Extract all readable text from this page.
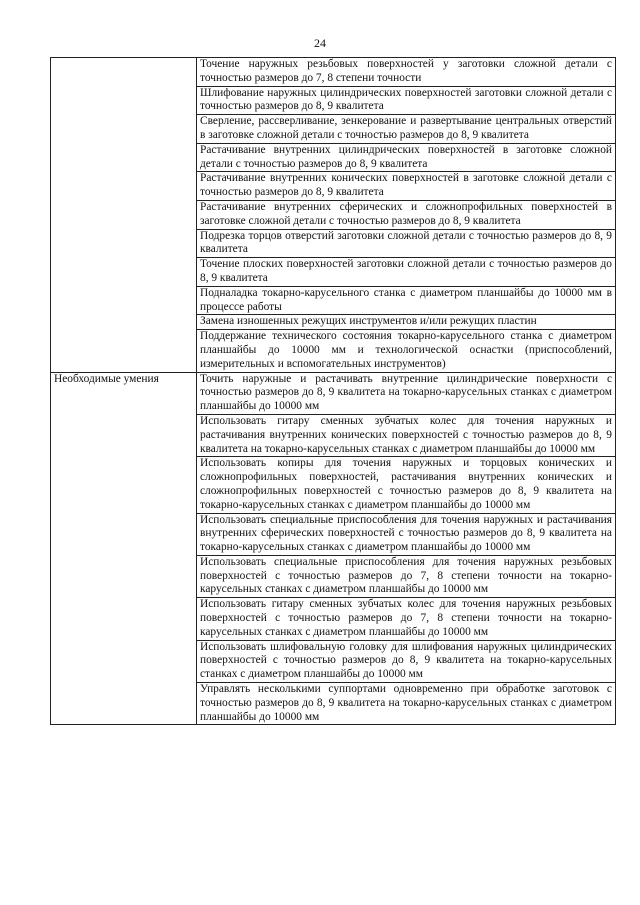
24
	Точение наружных резьбовых поверхностей у заготовки сложной детали с точностью размеров до 7, 8 степени точности
	Шлифование наружных цилиндрических поверхностей заготовки сложной детали с точностью размеров до 8, 9 квалитета
	Сверление, рассверливание, зенкерование и развертывание центральных отверстий в заготовке сложной детали с точностью размеров до 8, 9 квалитета
	Растачивание внутренних цилиндрических поверхностей в заготовке сложной детали с точностью размеров до 8, 9 квалитета
	Растачивание внутренних конических поверхностей в заготовке сложной детали с точностью размеров до 8, 9 квалитета
	Растачивание внутренних сферических и сложнопрофильных поверхностей в заготовке сложной детали с точностью размеров до 8, 9 квалитета
	Подрезка торцов отверстий заготовки сложной детали с точностью размеров до 8, 9 квалитета
	Точение плоских поверхностей заготовки сложной детали с точностью размеров до 8, 9 квалитета
	Подналадка токарно-карусельного станка с диаметром планшайбы до 10000 мм в процессе работы
	Замена изношенных режущих инструментов и/или режущих пластин
	Поддержание технического состояния токарно-карусельного станка с диаметром планшайбы до 10000 мм и технологической оснастки (приспособлений, измерительных и вспомогательных инструментов)

Необходимые умения	Точить наружные и растачивать внутренние цилиндрические поверхности с точностью размеров до 8, 9 квалитета на токарно-карусельных станках с диаметром планшайбы до 10000 мм
	Использовать гитару сменных зубчатых колес для точения наружных и растачивания внутренних конических поверхностей с точностью размеров до 8, 9 квалитета на токарно-карусельных станках с диаметром планшайбы до 10000 мм
	Использовать копиры для точения наружных и торцовых конических и сложнопрофильных поверхностей, растачивания внутренних конических и сложнопрофильных поверхностей с точностью размеров до 8, 9 квалитета на токарно-карусельных станках с диаметром планшайбы до 10000 мм
	Использовать специальные приспособления для точения наружных и растачивания внутренних сферических поверхностей с точностью размеров до 8, 9 квалитета на токарно-карусельных станках с диаметром планшайбы до 10000 мм
	Использовать специальные приспособления для точения наружных резьбовых поверхностей с точностью размеров до 7, 8 степени точности на токарно-карусельных станках с диаметром планшайбы до 10000 мм
	Использовать гитару сменных зубчатых колес для точения наружных резьбовых поверхностей с точностью размеров до 7, 8 степени точности на токарно-карусельных станках с диаметром планшайбы до 10000 мм
	Использовать шлифовальную головку для шлифования наружных цилиндрических поверхностей с точностью размеров до 8, 9 квалитета на токарно-карусельных станках с диаметром планшайбы до 10000 мм
	Управлять несколькими суппортами одновременно при обработке заготовок с точностью размеров до 8, 9 квалитета на токарно-карусельных станках с диаметром планшайбы до 10000 мм
